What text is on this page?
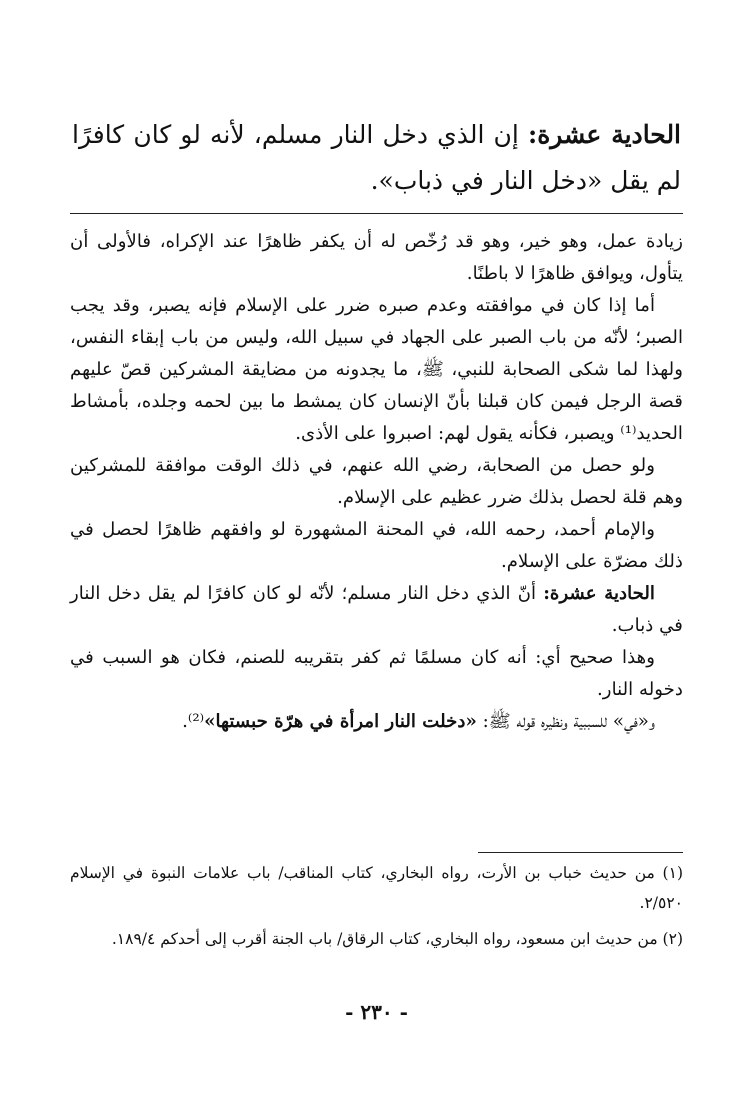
الحادية عشرة: إن الذي دخل النار مسلم، لأنه لو كان كافرًا لم يقل «دخل النار في ذباب».

زيادة عمل، وهو خير، وهو قد رُخّص له أن يكفر ظاهرًا عند الإكراه، فالأولى أن يتأول، ويوافق ظاهرًا لا باطنًا.

أما إذا كان في موافقته وعدم صبره ضرر على الإسلام فإنه يصبر، وقد يجب الصبر؛ لأنّه من باب الصبر على الجهاد في سبيل الله، وليس من باب إبقاء النفس، ولهذا لما شكى الصحابة للنبي، ﷺ، ما يجدونه من مضايقة المشركين قصّ عليهم قصة الرجل فيمن كان قبلنا بأنّ الإنسان كان يمشط ما بين لحمه وجلده، بأمشاط الحديد⁽¹⁾ ويصبر، فكأنه يقول لهم: اصبروا على الأذى.

ولو حصل من الصحابة، رضي الله عنهم، في ذلك الوقت موافقة للمشركين وهم قلة لحصل بذلك ضرر عظيم على الإسلام.

والإمام أحمد، رحمه الله، في المحنة المشهورة لو وافقهم ظاهرًا لحصل في ذلك مضرّة على الإسلام.

الحادية عشرة: أنّ الذي دخل النار مسلم؛ لأنّه لو كان كافرًا لم يقل دخل النار في ذباب.

وهذا صحيح أي: أنه كان مسلمًا ثم كفر بتقريبه للصنم، فكان هو السبب في دخوله النار.

و«في» للسببية ونظيره قوله ﷺ: «دخلت النار امرأة في هرّة حبستها»⁽²⁾.

(١) من حديث خباب بن الأرت، رواه البخاري، كتاب المناقب/ باب علامات النبوة في الإسلام ٢/٥٢٠.

(٢) من حديث ابن مسعود، رواه البخاري، كتاب الرقاق/ باب الجنة أقرب إلى أحدكم ١٨٩/٤.

- ٢٣٠ -
